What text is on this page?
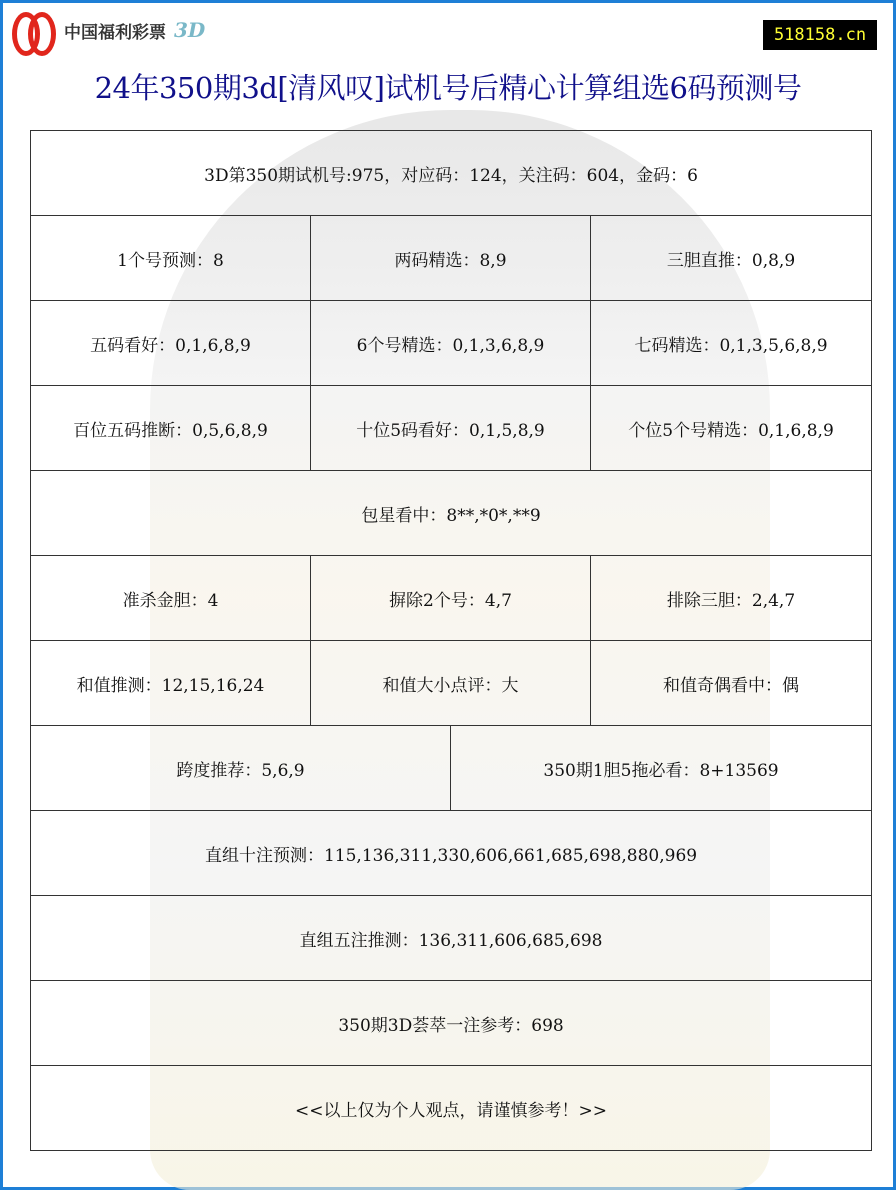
中国福利彩票 3D	518158.cn
24年350期3d[清风叹]试机号后精心计算组选6码预测号
3D第350期试机号:975，对应码：124，关注码：604，金码：6			
1个号预测：8	两码精选：8,9		三胆直推：0,8,9
五码看好：0,1,6,8,9	6个号精选：0,1,3,6,8,9		七码精选：0,1,3,5,6,8,9
百位五码推断：0,5,6,8,9	十位5码看好：0,1,5,8,9		个位5个号精选：0,1,6,8,9
包星看中：8**,*0*,**9			
准杀金胆：4	摒除2个号：4,7		排除三胆：2,4,7
和值推测：12,15,16,24	和值大小点评：大		和值奇偶看中：偶
跨度推荐：5,6,9		350期1胆5拖必看：8+13569	
直组十注预测：115,136,311,330,606,661,685,698,880,969			
直组五注推测：136,311,606,685,698			
350期3D荟萃一注参考：698			
<<以上仅为个人观点，请谨慎参考！>>			
